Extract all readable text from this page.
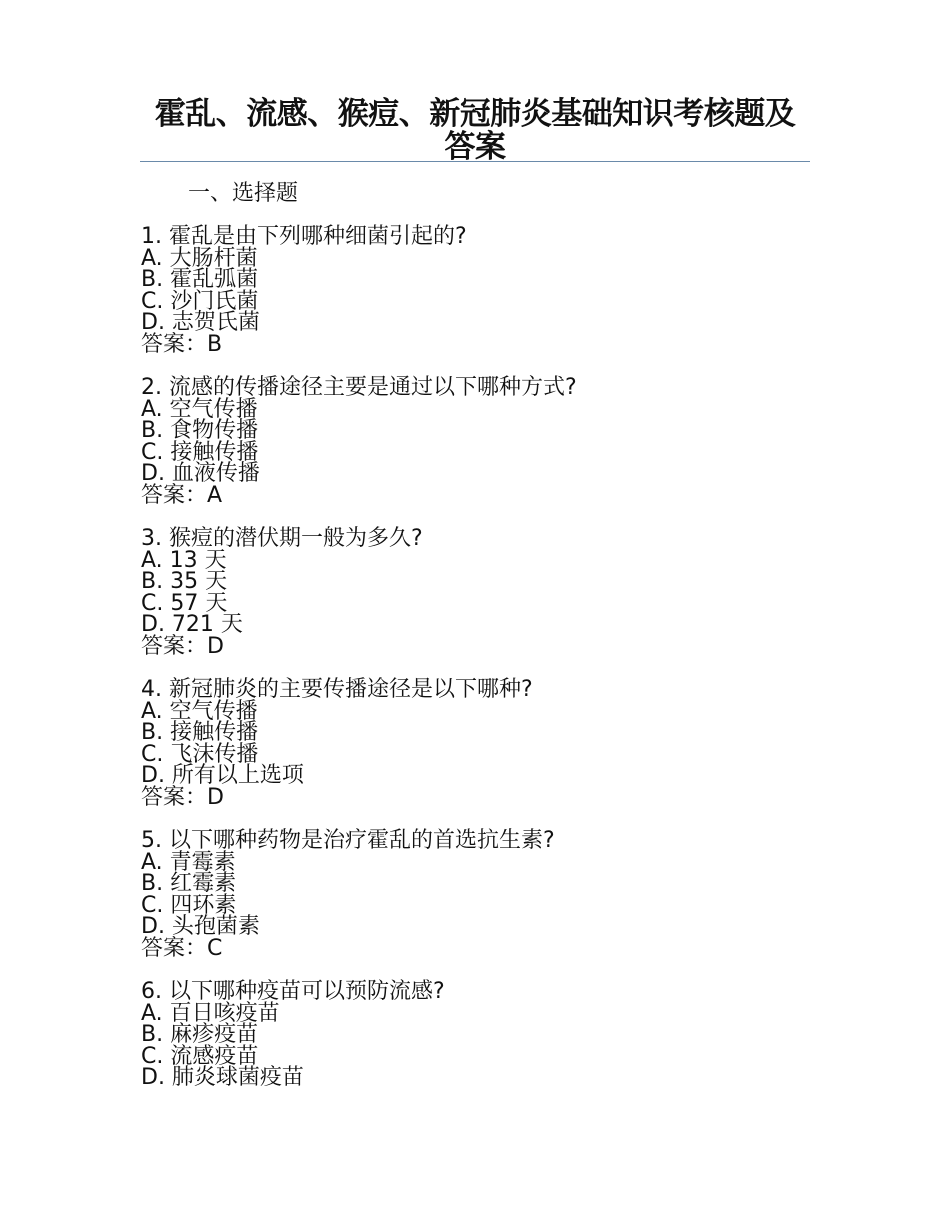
霍乱、流感、猴痘、新冠肺炎基础知识考核题及答案
一、选择题
1. 霍乱是由下列哪种细菌引起的?
A. 大肠杆菌
B. 霍乱弧菌
C. 沙门氏菌
D. 志贺氏菌
答案：B
2. 流感的传播途径主要是通过以下哪种方式?
A. 空气传播
B. 食物传播
C. 接触传播
D. 血液传播
答案：A
3. 猴痘的潜伏期一般为多久?
A. 13 天
B. 35 天
C. 57 天
D. 721 天
答案：D
4. 新冠肺炎的主要传播途径是以下哪种?
A. 空气传播
B. 接触传播
C. 飞沫传播
D. 所有以上选项
答案：D
5. 以下哪种药物是治疗霍乱的首选抗生素?
A. 青霉素
B. 红霉素
C. 四环素
D. 头孢菌素
答案：C
6. 以下哪种疫苗可以预防流感?
A. 百日咳疫苗
B. 麻疹疫苗
C. 流感疫苗
D. 肺炎球菌疫苗
